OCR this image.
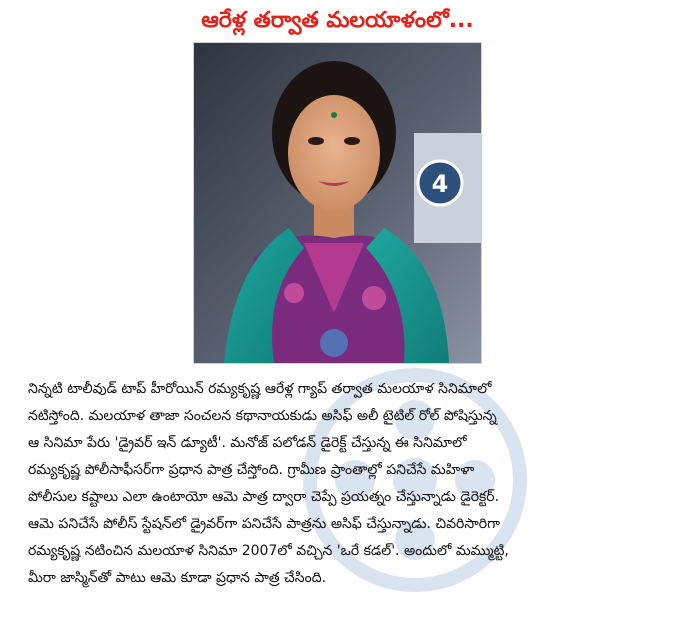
ఆరేళ్ల తర్వాత మలయాళంలో...
4
నిన్నటి టాలీవుడ్ టాప్ హీరోయిన్ రమ్యకృష్ణ ఆరేళ్ల గ్యాప్ తర్వాత మలయాళ సినిమాలో
నటిస్తోంది. మలయాళ తాజా సంచలన కథానాయకుడు అసిఫ్ అలీ టైటిల్ రోల్ పోషిస్తున్న
ఆ సినిమా పేరు 'డ్రైవర్ ఇన్ డ్యూటీ'. మనోజ్ పలోడన్ డైరెక్ట్ చేస్తున్న ఈ సినిమాలో
రమ్యకృష్ణ పోలీసాఫీసర్‌గా ప్రధాన పాత్ర చేస్తోంది. గ్రామీణ ప్రాంతాల్లో పనిచేసే మహిళా
పోలీసుల కష్టాలు ఎలా ఉంటాయో ఆమె పాత్ర ద్వారా చెప్పే ప్రయత్నం చేస్తున్నాడు డైరెక్టర్.
ఆమె పనిచేసే పోలీస్ స్టేషన్‌లో డ్రైవర్‌గా పనిచేసే పాత్రను అసిఫ్ చేస్తున్నాడు. చివరిసారిగా
రమ్యకృష్ణ నటించిన మలయాళ సినిమా 2007లో వచ్చిన 'ఒరే కడల్'. అందులో మమ్ముట్టి,
మీరా జాస్మిన్‌తో పాటు ఆమె కూడా ప్రధాన పాత్ర చేసింది.
